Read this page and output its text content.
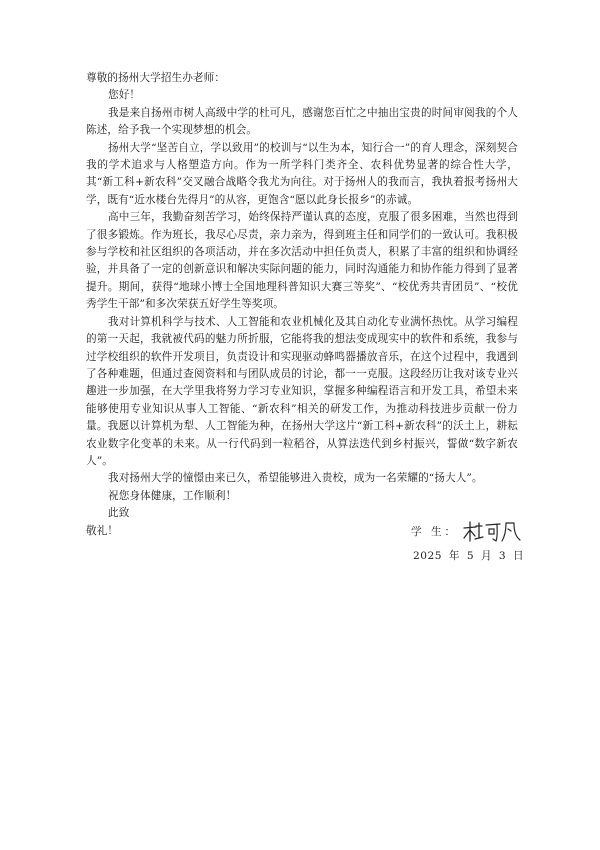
尊敬的扬州大学招生办老师：

您好！

我是来自扬州市树人高级中学的杜可凡，感谢您百忙之中抽出宝贵的时间审阅我的个人陈述，给予我一个实现梦想的机会。

扬州大学“坚苦自立，学以致用”的校训与“以生为本，知行合一”的育人理念，深刻契合我的学术追求与人格塑造方向。作为一所学科门类齐全、农科优势显著的综合性大学，其“新工科+新农科”交叉融合战略令我尤为向往。对于扬州人的我而言，我执着报考扬州大学，既有“近水楼台先得月”的从容，更饱含“愿以此身长报乡”的赤诚。

高中三年，我勤奋刻苦学习，始终保持严谨认真的态度，克服了很多困难，当然也得到了很多锻炼。作为班长，我尽心尽责，亲力亲为，得到班主任和同学们的一致认可。我积极参与学校和社区组织的各项活动，并在多次活动中担任负责人，积累了丰富的组织和协调经验，并具备了一定的创新意识和解决实际问题的能力，同时沟通能力和协作能力得到了显著提升。期间，获得“地球小博士全国地理科普知识大赛三等奖”、“校优秀共青团员”、“校优秀学生干部”和多次荣获五好学生等奖项。

我对计算机科学与技术、人工智能和农业机械化及其自动化专业满怀热忱。从学习编程的第一天起，我就被代码的魅力所折服，它能将我的想法变成现实中的软件和系统，我参与过学校组织的软件开发项目，负责设计和实现驱动蜂鸣器播放音乐，在这个过程中，我遇到了各种难题，但通过查阅资料和与团队成员的讨论，都一一克服。这段经历让我对该专业兴趣进一步加强，在大学里我将努力学习专业知识，掌握多种编程语言和开发工具，希望未来能够使用专业知识从事人工智能、“新农科”相关的研发工作，为推动科技进步贡献一份力量。我愿以计算机为犁、人工智能为种，在扬州大学这片“新工科+新农科”的沃土上，耕耘农业数字化变革的未来。从一行代码到一粒稻谷，从算法迭代到乡村振兴，誓做“数字新农人”。

我对扬州大学的憧憬由来已久，希望能够进入贵校，成为一名荣耀的“扬大人”。

祝您身体健康，工作顺利！

此致

敬礼！	学 生：
2025 年 5 月 3 日
